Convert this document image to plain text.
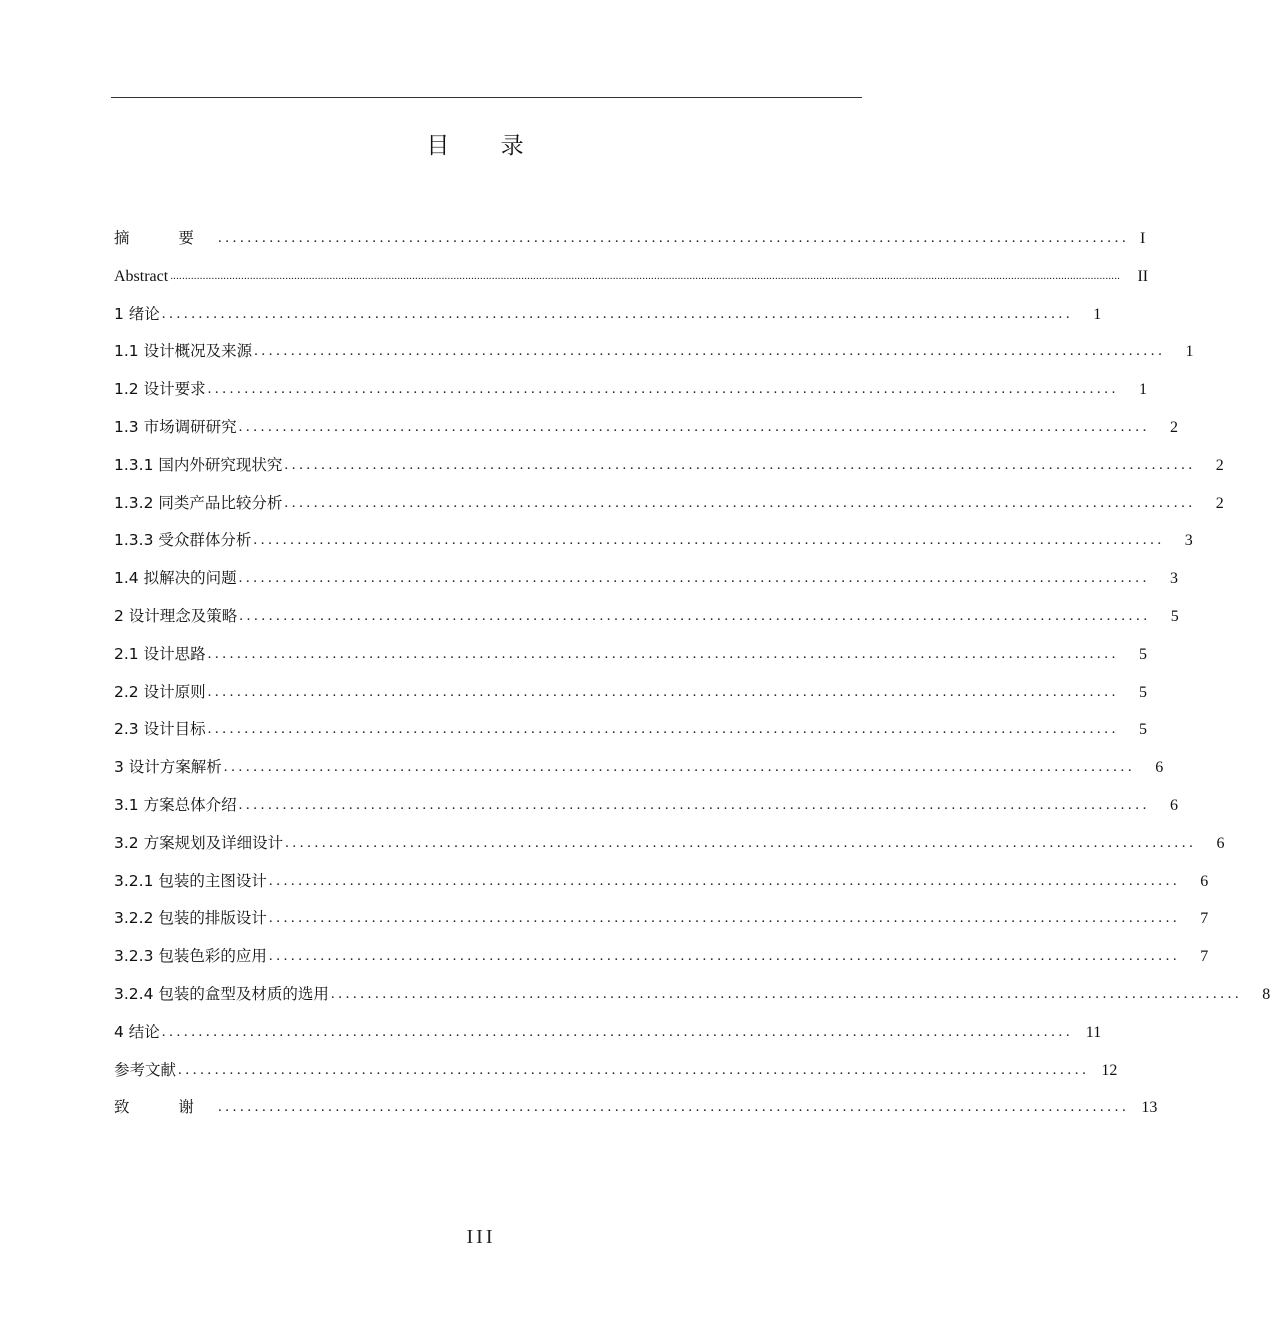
目 录
摘 要 ............................................................................................................................ I
Abstract ..................................................................................................................................................................................................................................................................................................................................	II
1 绪论 ............................................................................................................................	1
1.1 设计概况及来源 ............................................................................................................................	1
1.2 设计要求 ............................................................................................................................	1
1.3 市场调研研究 ............................................................................................................................	2
1.3.1 国内外研究现状究 ............................................................................................................................	2
1.3.2 同类产品比较分析 ............................................................................................................................	2
1.3.3 受众群体分析 ............................................................................................................................	3
1.4 拟解决的问题 ............................................................................................................................	3
2 设计理念及策略 ............................................................................................................................	5
2.1 设计思路 ............................................................................................................................	5
2.2 设计原则 ............................................................................................................................	5
2.3 设计目标 ............................................................................................................................	5
3 设计方案解析 ............................................................................................................................	6
3.1 方案总体介绍 ............................................................................................................................	6
3.2 方案规划及详细设计 ............................................................................................................................	6
3.2.1 包装的主图设计 ............................................................................................................................	6
3.2.2 包装的排版设计 ............................................................................................................................	7
3.2.3 包装色彩的应用 ............................................................................................................................	7
3.2.4 包装的盒型及材质的选用 ............................................................................................................................	8
4 结论 ............................................................................................................................ 11
参考文献 ............................................................................................................................ 12
致 谢 ............................................................................................................................ 13
III
